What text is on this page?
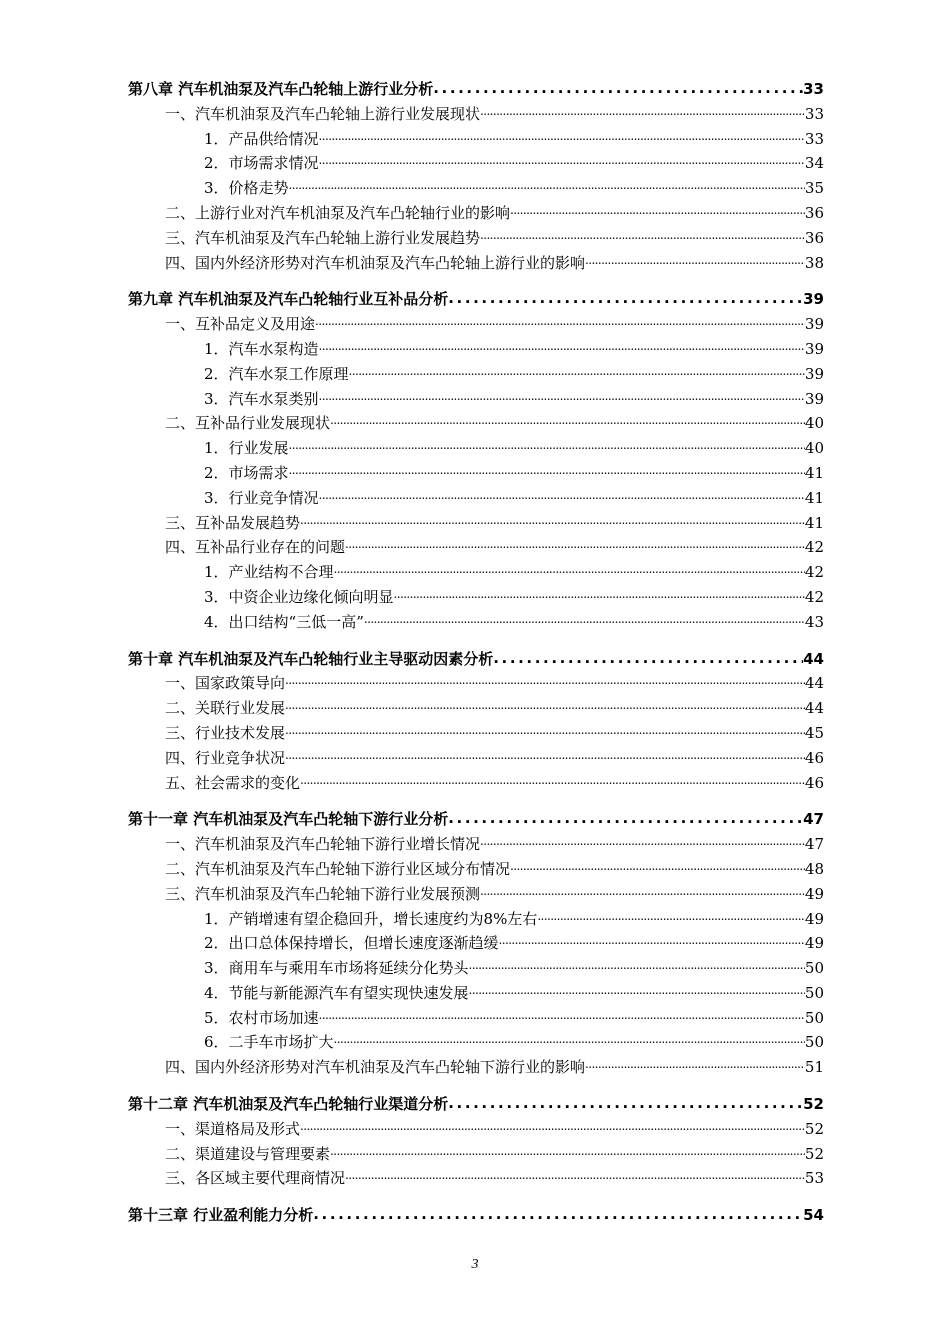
第八章 汽车机油泵及汽车凸轮轴上游行业分析 .....	33
一、汽车机油泵及汽车凸轮轴上游行业发展现状 .....	33
1．产品供给情况 .....	33
2．市场需求情况 .....	34
3．价格走势 .....	35
二、上游行业对汽车机油泵及汽车凸轮轴行业的影响 .....	36
三、汽车机油泵及汽车凸轮轴上游行业发展趋势 .....	36
四、国内外经济形势对汽车机油泵及汽车凸轮轴上游行业的影响 .....	38
第九章 汽车机油泵及汽车凸轮轴行业互补品分析 .....	39
一、互补品定义及用途 .....	39
1．汽车水泵构造 .....	39
2．汽车水泵工作原理 .....	39
3．汽车水泵类别 .....	39
二、互补品行业发展现状 .....	40
1．行业发展 .....	40
2．市场需求 .....	41
3．行业竞争情况 .....	41
三、互补品发展趋势 .....	41
四、互补品行业存在的问题 .....	42
1．产业结构不合理 .....	42
3．中资企业边缘化倾向明显 .....	42
4．出口结构“三低一高” .....	43
第十章 汽车机油泵及汽车凸轮轴行业主导驱动因素分析 .....	44
一、国家政策导向 .....	44
二、关联行业发展 .....	44
三、行业技术发展 .....	45
四、行业竞争状况 .....	46
五、社会需求的变化 .....	46
第十一章 汽车机油泵及汽车凸轮轴下游行业分析 .....	47
一、汽车机油泵及汽车凸轮轴下游行业增长情况 .....	47
二、汽车机油泵及汽车凸轮轴下游行业区域分布情况 .....	48
三、汽车机油泵及汽车凸轮轴下游行业发展预测 .....	49
1．产销增速有望企稳回升，增长速度约为8%左右 .....	49
2．出口总体保持增长，但增长速度逐渐趋缓 .....	49
3．商用车与乘用车市场将延续分化势头 .....	50
4．节能与新能源汽车有望实现快速发展 .....	50
5．农村市场加速 .....	50
6．二手车市场扩大 .....	50
四、国内外经济形势对汽车机油泵及汽车凸轮轴下游行业的影响 .....	51
第十二章 汽车机油泵及汽车凸轮轴行业渠道分析 .....	52
一、渠道格局及形式 .....	52
二、渠道建设与管理要素 .....	52
三、各区域主要代理商情况 .....	53
第十三章 行业盈利能力分析 .....	54
3
